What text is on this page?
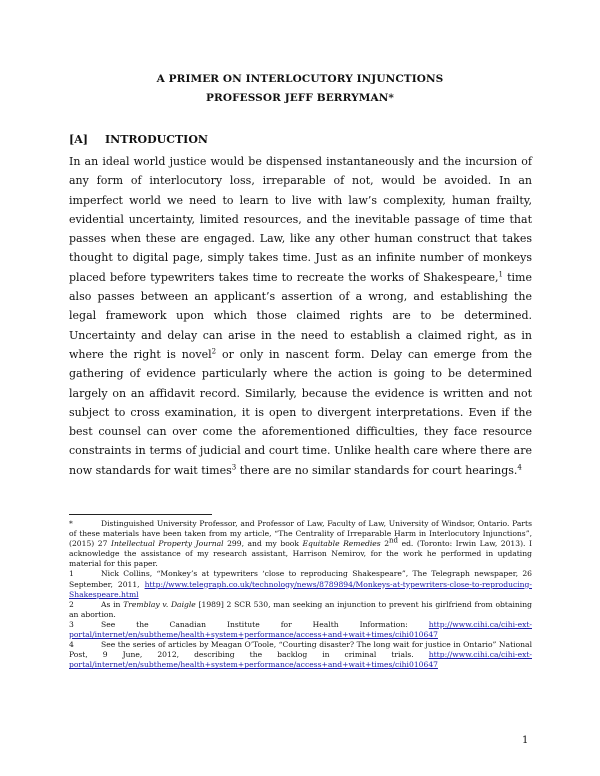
A PRIMER ON INTERLOCUTORY INJUNCTIONS
PROFESSOR JEFF BERRYMAN*
[A] INTRODUCTION

In an ideal world justice would be dispensed instantaneously and the incursion of any form of interlocutory loss, irreparable of not, would be avoided. In an imperfect world we need to learn to live with law’s complexity, human frailty, evidential uncertainty, limited resources, and the inevitable passage of time that passes when these are engaged. Law, like any other human construct that takes thought to digital page, simply takes time. Just as an infinite number of monkeys placed before typewriters takes time to recreate the works of Shakespeare,$^1$ time also passes between an applicant’s assertion of a wrong, and establishing the legal framework upon which those claimed rights are to be determined. Uncertainty and delay can arise in the need to establish a claimed right, as in where the right is novel$^2$ or only in nascent form. Delay can emerge from the gathering of evidence particularly where the action is going to be determined largely on an affidavit record. Similarly, because the evidence is written and not subject to cross examination, it is open to divergent interpretations. Even if the best counsel can over come the aforementioned difficulties, they face resource constraints in terms of judicial and court time. Unlike health care where there are now standards for wait times$^3$ there are no similar standards for court hearings.$^4$

*	Distinguished University Professor, and Professor of Law, Faculty of Law, University of Windsor, Ontario. Parts of these materials have been taken from my article, “The Centrality of Irreparable Harm in Interlocutory Injunctions”, (2015) 27 Intellectual Property Journal 299, and my book Equitable Remedies 2nd ed. (Toronto: Irwin Law, 2013). I acknowledge the assistance of my research assistant, Harrison Nemirov, for the work he performed in updating material for this paper.

1	Nick Collins, “Monkey’s at typewriters ‘close to reproducing Shakespeare”, The Telegraph newspaper, 26 September, 2011, http://www.telegraph.co.uk/technology/news/8789894/Monkeys-at-typewriters-close-to-reproducing-Shakespeare.html

2	As in Tremblay v. Daigle [1989] 2 SCR 530, man seeking an injunction to prevent his girlfriend from obtaining an abortion.

3	See the Canadian Institute for Health Information: http://www.cihi.ca/cihi-ext-portal/internet/en/subtheme/health+system+performance/access+and+wait+times/cihi010647

4	See the series of articles by Meagan O’Toole, “Courting disaster? The long wait for justice in Ontario” National Post, 9 June, 2012, describing the backlog in criminal trials. http://www.cihi.ca/cihi-ext-portal/internet/en/subtheme/health+system+performance/access+and+wait+times/cihi010647

1
